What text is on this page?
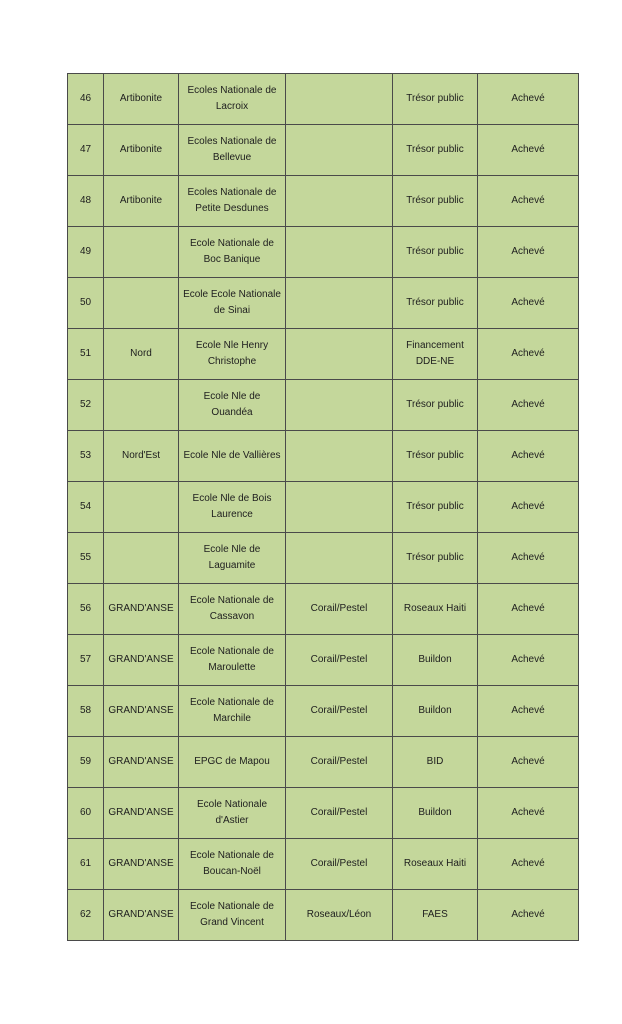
46	Artibonite	Ecoles Nationale de Lacroix		Trésor public	Achevé
47	Artibonite	Ecoles Nationale de Bellevue		Trésor public	Achevé
48	Artibonite	Ecoles Nationale de Petite Desdunes		Trésor public	Achevé
49		Ecole Nationale de Boc Banique		Trésor public	Achevé
50		Ecole Ecole Nationale de Sinai		Trésor public	Achevé
51	Nord	Ecole Nle Henry Christophe		Financement DDE-NE	Achevé
52		Ecole Nle de Ouandéa		Trésor public	Achevé
53	Nord'Est	Ecole Nle de Vallières		Trésor public	Achevé
54		Ecole Nle de Bois Laurence		Trésor public	Achevé
55		Ecole Nle de Laguamite		Trésor public	Achevé
56	GRAND'ANSE	Ecole Nationale de Cassavon	Corail/Pestel	Roseaux Haiti	Achevé
57	GRAND'ANSE	Ecole Nationale de Maroulette	Corail/Pestel	Buildon	Achevé
58	GRAND'ANSE	Ecole Nationale de Marchile	Corail/Pestel	Buildon	Achevé
59	GRAND'ANSE	EPGC de Mapou	Corail/Pestel	BID	Achevé
60	GRAND'ANSE	Ecole Nationale d'Astier	Corail/Pestel	Buildon	Achevé
61	GRAND'ANSE	Ecole Nationale de Boucan-Noël	Corail/Pestel	Roseaux Haiti	Achevé
62	GRAND'ANSE	Ecole Nationale de Grand Vincent	Roseaux/Léon	FAES	Achevé
